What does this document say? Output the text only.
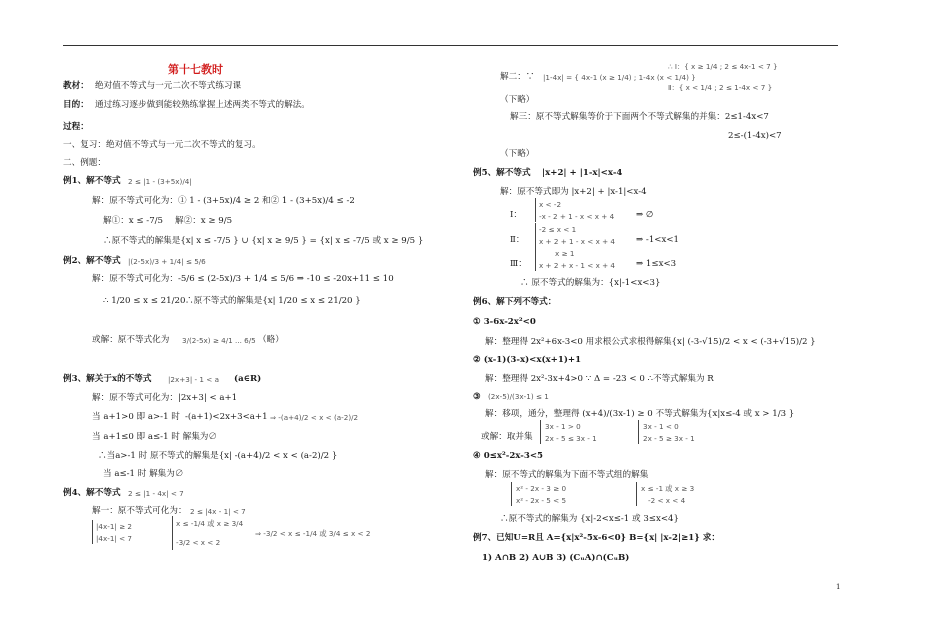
第十七教时
教材： 绝对值不等式与一元二次不等式练习课
目的： 通过练习逐步做到能较熟练掌握上述两类不等式的解法。
过程：
一、复习：绝对值不等式与一元二次不等式的复习。
二、例题：
例1、解不等式 2 ≤ |1 - (3+5x)/4|
解：原不等式可化为：① 1 - (3+5x)/4 ≥ 2 和② 1 - (3+5x)/4 ≤ -2
解①：x ≤ -7/5 解②：x ≥ 9/5
∴原不等式的解集是{x| x ≤ -7/5 } ∪ {x| x ≥ 9/5 } = {x| x ≤ -7/5 或 x ≥ 9/5 }
例2、解不等式 |(2-5x)/3 + 1/4| ≤ 5/6
解：原不等式可化为：-5/6 ≤ (2-5x)/3 + 1/4 ≤ 5/6 ⇒ -10 ≤ -20x+11 ≤ 10
∴ 1/20 ≤ x ≤ 21/20 ∴原不等式的解集是{x| 1/20 ≤ x ≤ 21/20 }
或解：原不等式化为 3/(2-5x) ≥ 4/1 ... 6/5 （略）
例3、解关于x的不等式 |2x+3| - 1 < a (a∈R)
解：原不等式可化为：|2x+3| < a+1
当 a+1>0 即 a>-1 时 -(a+1)<2x+3<a+1 ⇒ -(a+4)/2 < x < (a-2)/2
当 a+1≤0 即 a≤-1 时 解集为∅
∴当a>-1 时 原不等式的解集是{x| -(a+4)/2 < x < (a-2)/2 }
当 a≤-1 时 解集为∅
例4、解不等式 2 ≤ |1 - 4x| < 7
解一：原不等式可化为： 2 ≤ |4x - 1| < 7
|4x-1| ≥ 2
|4x-1| < 7
x ≤ -1/4 或 x ≥ 3/4
-3/2 < x < 2
⇒ -3/2 < x ≤ -1/4 或 3/4 ≤ x < 2
解二：∵ |1-4x| = { 4x-1 (x ≥ 1/4) ; 1-4x (x < 1/4) }
∴ Ⅰ：{ x ≥ 1/4 ; 2 ≤ 4x-1 < 7 }
Ⅱ：{ x < 1/4 ; 2 ≤ 1-4x < 7 }
（下略）
解三：原不等式解集等价于下面两个不等式解集的并集：2≤1-4x<7
2≤-(1-4x)<7
（下略）
例5、解不等式 |x+2| + |1-x|<x-4
解：原不等式即为 |x+2| + |x-1|<x-4
Ⅰ：
x < -2
-x - 2 + 1 - x < x + 4	⇒ ∅
Ⅱ：
-2 ≤ x < 1
x + 2 + 1 - x < x + 4 ⇒ -1<x<1
Ⅲ：
x ≥ 1
x + 2 + x - 1 < x + 4 ⇒ 1≤x<3
∴ 原不等式的解集为：{x|-1<x<3}
例6、解下列不等式：
① 3-6x-2x²<0
解：整理得 2x²+6x-3<0 用求根公式求根得解集{x| (-3-√15)/2 < x < (-3+√15)/2 }
② (x-1)(3-x)<x(x+1)+1
解：整理得 2x²-3x+4>0 ∵ Δ = -23 < 0 ∴不等式解集为 R
③ (2x-5)/(3x-1) ≤ 1
解：移项，通分，整理得 (x+4)/(3x-1) ≥ 0 不等式解集为{x|x≤-4 或 x > 1/3 }
或解：取并集
3x - 1 > 0
2x - 5 ≤ 3x - 1
3x - 1 < 0
2x - 5 ≥ 3x - 1
④ 0≤x²-2x-3<5
解：原不等式的解集为下面不等式组的解集
x² - 2x - 3 ≥ 0
x² - 2x - 5 < 5
x ≤ -1 或 x ≥ 3
-2 < x < 4
∴原不等式的解集为 {x|-2<x≤-1 或 3≤x<4}
例7、已知U=R且 A={x|x²-5x-6<0} B={x| |x-2|≥1} 求：
1) A∩B 2) A∪B 3) (CᵤA)∩(CᵤB)
1
